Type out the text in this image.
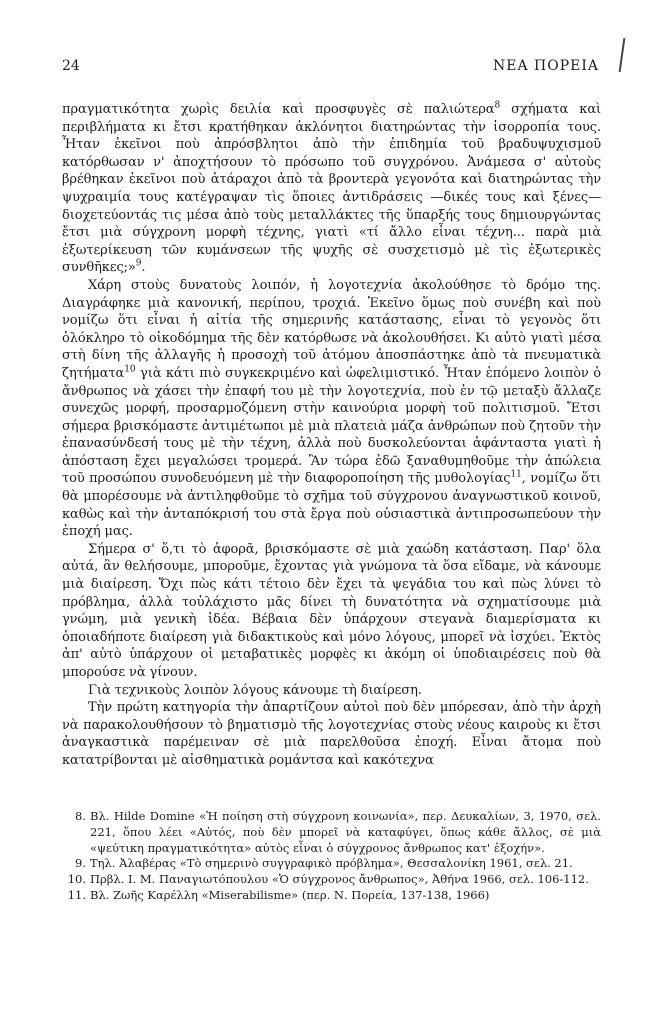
24	ΝΕΑ ΠΟΡΕΙΑ

πραγματικότητα χωρὶς δειλία καὶ προσφυγὲς σὲ παλιώτερα$^8$ σχήματα καὶ περιβλήματα κι ἔτσι κρατήθηκαν ἀκλόνητοι διατηρώντας τὴν ἰσορροπία τους. Ἦταν ἐκεῖνοι ποὺ ἀπρόσβλητοι ἀπὸ τὴν ἐπιδημία τοῦ βραδυψυχισμοῦ κατόρθωσαν ν' ἀποχτήσουν τὸ πρόσωπο τοῦ συγχρόνου. Ἀνάμεσα σ' αὐτοὺς βρέθηκαν ἐκεῖνοι ποὺ ἀτάραχοι ἀπὸ τὰ βροντερὰ γεγονότα καὶ διατηρώντας τὴν ψυχραιμία τους κατέγραψαν τὶς ὅποιες ἀντιδράσεις —δικές τους καὶ ξένες— διοχετεύοντάς τις μέσα ἀπὸ τοὺς μεταλλάκτες τῆς ὕπαρξής τους δημιουργώντας ἔτσι μιὰ σύγχρονη μορφὴ τέχνης, γιατὶ «τί ἄλλο εἶναι τέχνη... παρὰ μιὰ ἐξωτερίκευση τῶν κυμάνσεων τῆς ψυχῆς σὲ συσχετισμὸ μὲ τὶς ἐξωτερικὲς συνθῆκες;»$^9$.

Χάρη στοὺς δυνατοὺς λοιπόν, ἡ λογοτεχνία ἀκολούθησε τὸ δρόμο της. Διαγράφηκε μιὰ κανονική, περίπου, τροχιά. Ἐκεῖνο ὅμως ποὺ συνέβη καὶ ποὺ νομίζω ὅτι εἶναι ἡ αἰτία τῆς σημερινῆς κατάστασης, εἶναι τὸ γεγονὸς ὅτι ὁλόκληρο τὸ οἰκοδόμημα τῆς δὲν κατόρθωσε νὰ ἀκολουθήσει. Κι αὐτὸ γιατὶ μέσα στὴ δίνη τῆς ἀλλαγῆς ἡ προσοχὴ τοῦ ἀτόμου ἀποσπάστηκε ἀπὸ τὰ πνευματικὰ ζητήματα$^{10}$ γιὰ κάτι πιὸ συγκεκριμένο καὶ ὠφελιμιστικό. Ἦταν ἑπόμενο λοιπὸν ὁ ἄνθρωπος νὰ χάσει τὴν ἐπαφή του μὲ τὴν λογοτεχνία, ποὺ ἐν τῷ μεταξὺ ἄλλαζε συνεχῶς μορφή, προσαρμοζόμενη στὴν καινούρια μορφὴ τοῦ πολιτισμοῦ. Ἔτσι σήμερα βρισκόμαστε ἀντιμέτωποι μὲ μιὰ πλατειὰ μάζα ἀνθρώπων ποὺ ζητοῦν τὴν ἐπανασύνδεσή τους μὲ τὴν τέχνη, ἀλλὰ ποὺ δυσκολεύονται ἀφάνταστα γιατὶ ἡ ἀπόσταση ἔχει μεγαλώσει τρομερά. Ἂν τώρα ἐδῶ ξαναθυμηθοῦμε τὴν ἀπώλεια τοῦ προσώπου συνοδευόμενη μὲ τὴν διαφοροποίηση τῆς μυθολογίας$^{11}$, νομίζω ὅτι θὰ μπορέσουμε νὰ ἀντιληφθοῦμε τὸ σχῆμα τοῦ σύγχρονου ἀναγνωστικοῦ κοινοῦ, καθὼς καὶ τὴν ἀνταπόκρισή του στὰ ἔργα ποὺ οὐσιαστικὰ ἀντιπροσωπεύουν τὴν ἐποχή μας.

Σήμερα σ' ὅ,τι τὸ ἀφορᾶ, βρισκόμαστε σὲ μιὰ χαώδη κατάσταση. Παρ' ὅλα αὐτά, ἂν θελήσουμε, μποροῦμε, ἔχοντας γιὰ γνώμονα τὰ ὅσα εἴδαμε, νὰ κάνουμε μιὰ διαίρεση. Ὄχι πὼς κάτι τέτοιο δὲν ἔχει τὰ ψεγάδια του καὶ πὼς λύνει τὸ πρόβλημα, ἀλλὰ τοὐλάχιστο μᾶς δίνει τὴ δυνατότητα νὰ σχηματίσουμε μιὰ γνώμη, μιὰ γενικὴ ἰδέα. Βέβαια δὲν ὑπάρχουν στεγανὰ διαμερίσματα κι ὁποιαδήποτε διαίρεση γιὰ διδακτικοὺς καὶ μόνο λόγους, μπορεῖ νὰ ἰσχύει. Ἐκτὸς ἀπ' αὐτὸ ὑπάρχουν οἱ μεταβατικὲς μορφὲς κι ἀκόμη οἱ ὑποδιαιρέσεις ποὺ θὰ μπορούσε νὰ γίνουν.

Γιὰ τεχνικοὺς λοιπὸν λόγους κάνουμε τὴ διαίρεση.

Τὴν πρώτη κατηγορία τὴν ἀπαρτίζουν αὐτοὶ ποὺ δὲν μπόρεσαν, ἀπὸ τὴν ἀρχὴ νὰ παρακολουθήσουν τὸ βηματισμὸ τῆς λογοτεχνίας στοὺς νέους καιροὺς κι ἔτσι ἀναγκαστικὰ παρέμειναν σὲ μιὰ παρελθοῦσα ἐποχή. Εἶναι ἄτομα ποὺ κατατρίβονται μὲ αἰσθηματικὰ ρομάντσα καὶ κακότεχνα

8. Βλ. Hilde Domine «Ἡ ποίηση στὴ σύγχρονη κοινωνία», περ. Δευκαλίων, 3, 1970, σελ. 221, ὅπου λέει «Αὐτός, ποὺ δὲν μπορεῖ νὰ καταφύγει, ὅπως κάθε ἄλλος, σὲ μιὰ «ψεύτικη πραγματικότητα» αὐτὸς εἶναι ὁ σύγχρονος ἄνθρωπος κατ' ἐξοχήν».
9. Τηλ. Ἀλαβέρας «Τὸ σημερινὸ συγγραφικὸ πρόβλημα», Θεσσαλονίκη 1961, σελ. 21.
10. Πρβλ. Ι. Μ. Παναγιωτόπουλου «Ὁ σύγχρονος ἄνθρωπος», Ἀθήνα 1966, σελ. 106-112.
11. Βλ. Ζωῆς Καρέλλη «Miserabilisme» (περ. Ν. Πορεία, 137-138, 1966)
